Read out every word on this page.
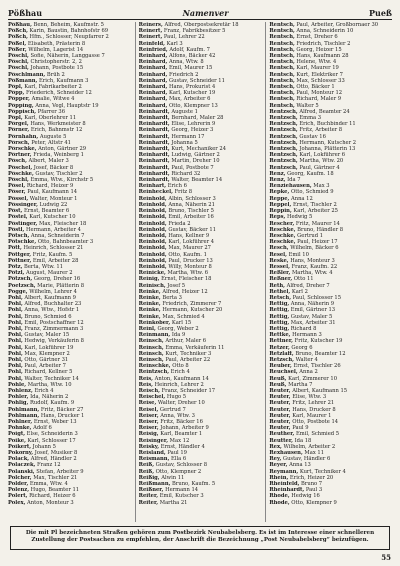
Pößhau	Namenver	Pueß
Pößhau, Benn, Beheim, Kaufmstr. 5
Pößch, Karin, Baustin, Bahnhofstr 69
Pößch, Hfm., Schlosser, Neupfarrer 2
Pößel, Elisabeth, Prästerin 8
Pößer, Wilhelm, Lagerist 14
Pöschl, Sofie, Näherin, Langgasse 7
Pöschl, Christopherstr. 2, 2
Pöschl, Johann, Postbote 15
Pöschlmann, Brüh 2
Pößmann, Erich, Kaufmann 3
Pöpl, Karl, Fabrikarbeiter 2
Pöpp, Friederich, Schneider 12
Pöpper, Amalie, Witwe 4
Pöpping, Anna, Vegl, Hauptstr 19
Pöppisch, Pfarrer 36
Pöpl, Karl, Oberlehrer 11
Pörgel, Hans, Werkmeister 8
Pörner, Erich, Bahnmstr 12
Pörnhahn, Auguste 5
Pörsch, Peter, Altstr 41
Pörschke, Anton, Gärtner 29
Pörtner, Frieda, Weinberg 1
Pösch, Albert, Maler 3
Pöschel, Josef, Bäcker 8
Pöschke, Gustav, Tischler 2
Pöschl, Emma, Wtw., Kirchstr 5
Pösel, Richard, Heizer 9
Pöser, Paul, Kaufmann 14
Pössel, Walter, Monteur 1
Pössinger, Ludwig 22
Pöst, Ernst, Beamter 6
Pöstel, Karl, Kutscher 10
Pöstinger, Max, Fleischer 18
Pöstl, Hermann, Arbeiter 4
Pötsch, Anna, Schneiderin 7
Pötschke, Otto, Bahnbeamter 3
Pött, Heinrich, Schlosser 21
Pöttger, Fritz, Kaufm. 5
Pöttner, Emil, Arbeiter 28
Pötz, Berta, Wtw. 11
Pötzl, August, Maurer 2
Pötzsch, Georg, Dreher 16
Poetzsch, Marie, Plätterin 8
Pogge, Wilhelm, Lehrer 4
Pohl, Albert, Kaufmann 9
Pohl, Alfred, Buchhalter 23
Pohl, Anna, Wtw., Hofstr 1
Pohl, Bruno, Schmied 6
Pohl, Emil, Postschaffner 12
Pohl, Franz, Zimmermann 3
Pohl, Gustav, Maler 15
Pohl, Hedwig, Verkäuferin 8
Pohl, Karl, Lokführer 19
Pohl, Max, Klempner 2
Pohl, Otto, Gärtner 31
Pohl, Paul, Arbeiter 7
Pohl, Richard, Kellner 5
Pohl, Walter, Techniker 14
Pohle, Martha, Wtw. 10
Pohlenz, Erich 4
Pohler, Ida, Näherin 2
Pohlig, Rudolf, Kaufm. 9
Pohlmann, Fritz, Bäcker 27
Pohlmann, Hans, Drucker 1
Pohlner, Ernst, Weber 13
Pohnke, Adolf 6
Poigt, Else, Schneiderin 3
Poike, Karl, Schlosser 17
Poikert, Johann 5
Pokorny, Josef, Musiker 8
Polack, Alfred, Händler 2
Polaczek, Franz 12
Polanski, Stefan, Arbeiter 9
Polcher, Max, Tischler 21
Polder, Emma, Wtw. 4
Polenz, Hugo, Beamter 11
Polert, Richard, Heizer 6
Polex, Anton, Monteur 3
Reiners, Alfred, Oberpostsekretär 18
Reinert, Franz, Fabrikbesitzer 5
Reinert, Paul, Lehrer 22
Reinfeld, Karl 3
Reinfried, Adolf, Kaufm. 7
Reinhard, Alfons, Bäcker 42
Reinhard, Anna, Wtw. 8
Reinhard, Emil, Maurer 15
Reinhard, Friedrich 2
Reinhard, Gustav, Schneider 11
Reinhard, Hans, Prokurist 4
Reinhard, Karl, Kutscher 19
Reinhard, Max, Arbeiter 6
Reinhard, Otto, Klempner 13
Reinhardt, Auguste 1
Reinhardt, Bernhard, Maler 28
Reinhardt, Elise, Lehrerin 9
Reinhardt, Georg, Heizer 3
Reinhardt, Hermann 17
Reinhardt, Johanna 5
Reinhardt, Kurt, Mechaniker 24
Reinhardt, Ludwig, Gärtner 2
Reinhardt, Martin, Dreher 10
Reinhardt, Paul, Postbote 7
Reinhardt, Richard 32
Reinhardt, Walter, Beamter 14
Reinhart, Erich 6
Reinheckel, Fritz 8
Reinhold, Albin, Schlosser 3
Reinhold, Anna, Näherin 21
Reinhold, Bruno, Tischler 5
Reinhold, Emil, Arbeiter 16
Reinhold, Frieda 2
Reinhold, Gustav, Bäcker 11
Reinhold, Hans, Kellner 9
Reinhold, Karl, Lokführer 4
Reinhold, Max, Maurer 27
Reinhold, Otto, Kaufm. 1
Reinhold, Paul, Drucker 13
Reinhold, Willy, Monteur 8
Reinicke, Martha, Wtw. 6
Reinig, Ernst, Fleischer 18
Reinisch, Josef 5
Reinke, Alfred, Heizer 12
Reinke, Berta 3
Reinke, Friedrich, Zimmerer 7
Reinke, Hermann, Kutscher 20
Reinke, Max, Schmied 4
Reinkober, Karl 15
Reinl, Georg, Weber 2
Reinmann, Ida 9
Reinsch, Arthur, Maler 6
Reinsch, Emma, Verkäuferin 11
Reinsch, Kurt, Techniker 3
Reinsch, Paul, Arbeiter 22
Reinschke, Otto 8
Reintzsch, Erich 4
Reis, Anton, Kaufmann 14
Reis, Heinrich, Lehrer 2
Reisch, Franz, Schneider 17
Reischel, Hugo 5
Reise, Walter, Dreher 10
Reisel, Gertrud 7
Reiser, Anna, Wtw. 3
Reiser, Fritz, Bäcker 16
Reiser, Johann, Arbeiter 9
Reisig, Karl, Beamter 1
Reisinger, Max 12
Reisky, Ernst, Händler 4
Reisland, Paul 19
Reismann, Ella 6
Reiß, Gustav, Schlosser 8
Reiß, Otto, Klempner 2
Reißig, Alwin 11
Reißmann, Bruno, Kaufm. 5
Reißner, Hermann 14
Reiter, Emil, Kutscher 3
Reiter, Martha 21
Rentsch, Paul, Arbeiter, Großbornaer 30
Rentsch, Anna, Schneiderin 10
Rentsch, Ernst, Dreher 6
Rentsch, Friedrich, Tischler 2
Rentsch, Georg, Heizer 15
Rentsch, Hans, Kaufmann 28
Rentsch, Helene, Wtw. 4
Rentsch, Karl, Maurer 19
Rentsch, Kurt, Elektriker 7
Rentsch, Max, Schlosser 33
Rentsch, Otto, Bäcker 1
Rentsch, Paul, Monteur 12
Rentsch, Richard, Maler 9
Rentsch, Walter 5
Rentzsch, Alfred, Beamter 24
Rentzsch, Emma 3
Rentzsch, Erich, Buchbinder 11
Rentzsch, Fritz, Arbeiter 8
Rentzsch, Gustav 16
Rentzsch, Hermann, Kutscher 2
Rentzsch, Johanna, Plätterin 13
Rentzsch, Karl, Lokführer 6
Rentzsch, Martha, Wtw. 20
Rentzsch, Paul, Gärtner 4
Renz, Georg, Kaufm. 18
Renz, Ida 7
Renziehausen, Max 3
Repke, Otto, Schmied 9
Reppe, Anna 12
Reppel, Ernst, Tischler 2
Reppin, Karl, Arbeiter 25
Reps, Hedwig 5
Rescher, Fritz, Maurer 14
Reschke, Bruno, Händler 8
Reschke, Gertrud 1
Reschke, Paul, Heizer 17
Resch, Wilhelm, Bäcker 6
Resel, Emil 10
Reske, Hans, Monteur 3
Ressel, Franz, Kaufm. 22
Reßler, Martha, Wtw. 4
Reßner, Otto 11
Reth, Alfred, Dreher 7
Rethel, Karl 2
Retsch, Paul, Schlosser 15
Rettig, Anna, Näherin 9
Rettig, Emil, Gärtner 13
Rettig, Gustav, Maler 5
Rettig, Max, Arbeiter 31
Rettig, Richard 8
Rettke, Hermann 3
Rettner, Fritz, Kutscher 19
Retzer, Georg 6
Retzlaff, Bruno, Beamter 12
Retzsch, Walter 4
Reuber, Ernst, Tischler 26
Reuchsel, Anna 2
Reuß, Karl, Zimmerer 10
Reuß, Martha 7
Reuter, Albert, Kaufmann 15
Reuter, Elise, Wtw. 3
Reuter, Fritz, Lehrer 21
Reuter, Hans, Drucker 8
Reuter, Karl, Maurer 1
Reuter, Otto, Postbote 14
Reuter, Paul 9
Reuther, Emil, Schmied 5
Reutter, Ida 18
Rex, Wilhelm, Arbeiter 2
Rexhausen, Max 11
Rey, Gustav, Händler 6
Reyer, Anna 13
Reymann, Kurt, Techniker 4
Rhein, Erich, Heizer 20
Rheinfeld, Bruno 7
Rheinhardt, Paul 3
Rhode, Hedwig 16
Rhode, Otto, Klempner 9
Die mit Pl bezeichneten Straßen gehören zum Postbezirk Neubabelsberg. Es ist im Interesse einer schnelleren Zustellung der Postsachen zu empfehlen, der Anschrift die Bezeichnung „Post Neubabelsberg“ beizufügen.
55
